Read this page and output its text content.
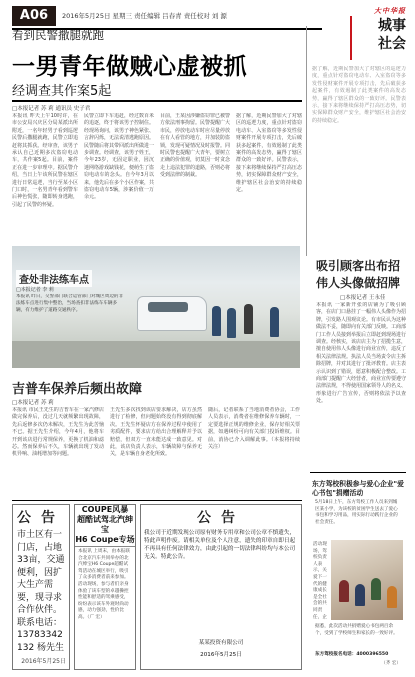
A06	2016年5月25日 星期三 责任编辑 吕春青 责任校对 刘 源
大中华报
城事
社会
看到民警撒腿就跑
一男青年做贼心虚被抓
经调查其作案5起
□本报记者 苏 莉 通讯员 史子君
本报讯 昨天上午10时许，在市公安局兴庆区分局某派出所附近，一名年轻男子看到巡逻民警后撒腿就跑，民警立即追赶将其抓获。经审查，该男子承认自己近期多次盗窃电动车，共作案5起。目前，案件正在进一步审理中。据民警介绍，当日上午该所民警在辖区进行日常巡逻，当行至某小区门口时，一名男青年看到警车后神色慌张，随即转身逃跑，引起了民警的怀疑。
民警立即下车追赶，经过数百米的追逐，终于将该男子控制住。经现场询问，该男子神色紧张、言辞闪烁，无法说清逃跑原因。民警随后将其带回派出所做进一步调查。经调查，该男子姓王，今年23岁，无固定职业，因沉迷网络游戏缺钱花，便萌生了盗窃电动车的念头。自今年3月以来，他先后在多个小区作案，共盗窃电动车5辆，涉案价值一万余元。
目前，王某因涉嫌盗窃罪已被警方依法刑事拘留。民警提醒广大市民，停放电动车时应尽量停放在有人看管的地方，并加装防盗锁，发现可疑情况及时报警。同时民警也提醒广大青年，要树立正确的价值观，切莫因一时贪念走上违法犯罪的道路，否则必将受到法律的制裁。
据了解，近期民警加大了对辖区的巡逻力度，重点针对盗窃电动车、入室盗窃等多发性侵财案件开展专项打击，先后破获多起案件，有效遏制了此类案件的高发态势，赢得了辖区群众的一致好评。民警表示，接下来将继续保持严打高压态势，切实保障群众财产安全，维护辖区社会治安的持续稳定。
据了解，近期民警加大了对辖区的巡逻力度，重点针对盗窃电动车、入室盗窃等多发性侵财案件开展专项打击，先后破获多起案件，有效遏制了此类案件的高发态势，赢得了辖区群众的一致好评。民警表示，接下来将继续保持严打高压态势，切实保障群众财产安全，维护辖区社会治安的持续稳定。
吸引顾客出布招
伟人头像做招牌
□本报记者 王永佳
本报讯 一家新开张的店铺为了吸引顾客，在店门口悬挂了一幅伟人头像作为招牌，引发路人围观议论。有市民认为这种做法不妥，随即向有关部门反映。工商部门工作人员接到举报后立即赶到现场进行调查。经核实，该店店主为了招揽生意，擅自使用伟人头像进行商业宣传，违反了相关法律法规。执法人员当场责令店主拆除招牌，并对其进行了批评教育。店主表示认识到了错误，愿意积极配合整改。工商部门提醒广大经营者，商业宣传要遵守法律法规，不得使用国家领导人的名义、形象进行广告宣传，否则将依法予以查处。
查处非法练车点
□本报记者 李 莉
本报讯 昨日，交警部门联合运管部门对城区周边的非法练车点进行集中整治，当场查扣非法练车车辆多辆，有力维护了道路交通秩序。
吉普车保养后频出故障
□本报记者 苏 莉
本报讯 市民王先生的吉普车在一家汽修店做完保养后，没过几天就频繁出现故障，先后返修多次仍未解决，王先生为此苦恼不已。据王先生介绍，今年4月，他将车开到该店进行常规保养，更换了机油和滤芯。然而保养后不久，车辆就出现了发动机异响、油耗增加等问题。
王先生多次找到该店要求解决，店方虽然进行了检修，但问题始终没有得到彻底解决。王先生怀疑店方在保养过程中使用了劣质配件，要求店方给出合理解释并予以赔偿，但双方一直未能达成一致意见。对此，该店负责人表示，车辆故障与保养无关，是车辆自身老化所致。
随后，记者联系了当地消费者协会，工作人员表示，消费者在维修保养车辆时，一定要选择正规的维修企业，保存好相关票据，如遇纠纷可向有关部门投诉维权。目前，消协已介入调解此事。（本报将持续关注）
公告
市土区有一门店，占地33亩，交通便利，因扩大生产需要，现寻求合作伙伴。联系电话：13783342132 杨先生
2016年5月25日
COUPE风暴
超酷试驾北汽绅宝
H6 Coupe专场
本报讯 上周末，由本报联合北京汽车共同举办的北汽绅宝H6 Coupe超酷试驾活动在城区举行，吸引了众多消费者前来参加。活动现场，参与者们亲身体验了该车型的卓越操控性能和舒适的驾乘感受，纷纷表示该车外观时尚动感，动力强劲，性价比高。（广 宏）
公告
我公司于近期发现公司原有财务专用章和公司公章不慎遗失，特此声明作废。请相关单位及个人注意，遗失的印章自即日起不再具有任何法律效力，由此引起的一切法律纠纷均与本公司无关。特此公告。
某某投资有限公司
2016年5月25日
5月18日上午，东方驾校工作人员来到城区某小学，为该校的贫困学生送去了爱心书包和学习用品，用实际行动践行企业的社会责任。
活动现场，驾校负责人表示，关爱下一代的健康成长是全社会的共同责任，企
据悉，此次活动共捐赠爱心书包两百余个，受到了学校师生和家长的一致好评。
东方驾校报名电话：4000396550
（齐 宏）
东方驾校积极参与爱心企业"爱心书包"捐赠活动
